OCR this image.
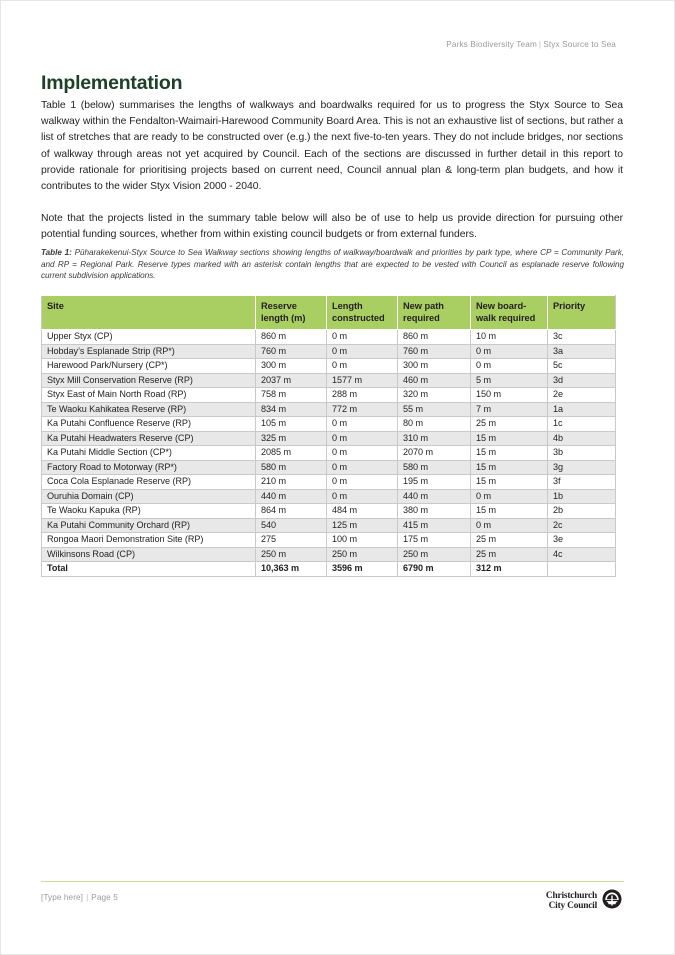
Parks Biodiversity Team | Styx Source to Sea
Implementation

Table 1 (below) summarises the lengths of walkways and boardwalks required for us to progress the Styx Source to Sea walkway within the Fendalton-Waimairi-Harewood Community Board Area. This is not an exhaustive list of sections, but rather a list of stretches that are ready to be constructed over (e.g.) the next five-to-ten years. They do not include bridges, nor sections of walkway through areas not yet acquired by Council. Each of the sections are discussed in further detail in this report to provide rationale for prioritising projects based on current need, Council annual plan & long-term plan budgets, and how it contributes to the wider Styx Vision 2000 - 2040.

Note that the projects listed in the summary table below will also be of use to help us provide direction for pursuing other potential funding sources, whether from within existing council budgets or from external funders.

Table 1: Pūharakekenui-Styx Source to Sea Walkway sections showing lengths of walkway/boardwalk and priorities by park type, where CP = Community Park, and RP = Regional Park. Reserve types marked with an asterisk contain lengths that are expected to be vested with Council as esplanade reserve following current subdivision applications.
Site	Reserve length (m)	Length constructed	New path required	New board-walk required	Priority
Upper Styx (CP)	860 m	0 m	860 m	10 m	3c
Hobday’s Esplanade Strip (RP*)	760 m	0 m	760 m	0 m	3a
Harewood Park/Nursery (CP*)	300 m	0 m	300 m	0 m	5c
Styx Mill Conservation Reserve (RP)	2037 m	1577 m	460 m	5 m	3d
Styx East of Main North Road (RP)	758 m	288 m	320 m	150 m	2e
Te Waoku Kahikatea Reserve (RP)	834 m	772 m	55 m	7 m	1a
Ka Putahi Confluence Reserve (RP)	105 m	0 m	80 m	25 m	1c
Ka Putahi Headwaters Reserve (CP)	325 m	0 m	310 m	15 m	4b
Ka Putahi Middle Section (CP*)	2085 m	0 m	2070 m	15 m	3b
Factory Road to Motorway (RP*)	580 m	0 m	580 m	15 m	3g
Coca Cola Esplanade Reserve (RP)	210 m	0 m	195 m	15 m	3f
Ouruhia Domain (CP)	440 m	0 m	440 m	0 m	1b
Te Waoku Kapuka (RP)	864 m	484 m	380 m	15 m	2b
Ka Putahi Community Orchard (RP)	540	125 m	415 m	0 m	2c
Rongoa Maori Demonstration Site (RP)	275	100 m	175 m	25 m	3e
Wilkinsons Road (CP)	250 m	250 m	250 m	25 m	4c
Total	10,363 m	3596 m	6790 m	312 m	
[Type here] | Page 5	Christchurch
City Council
